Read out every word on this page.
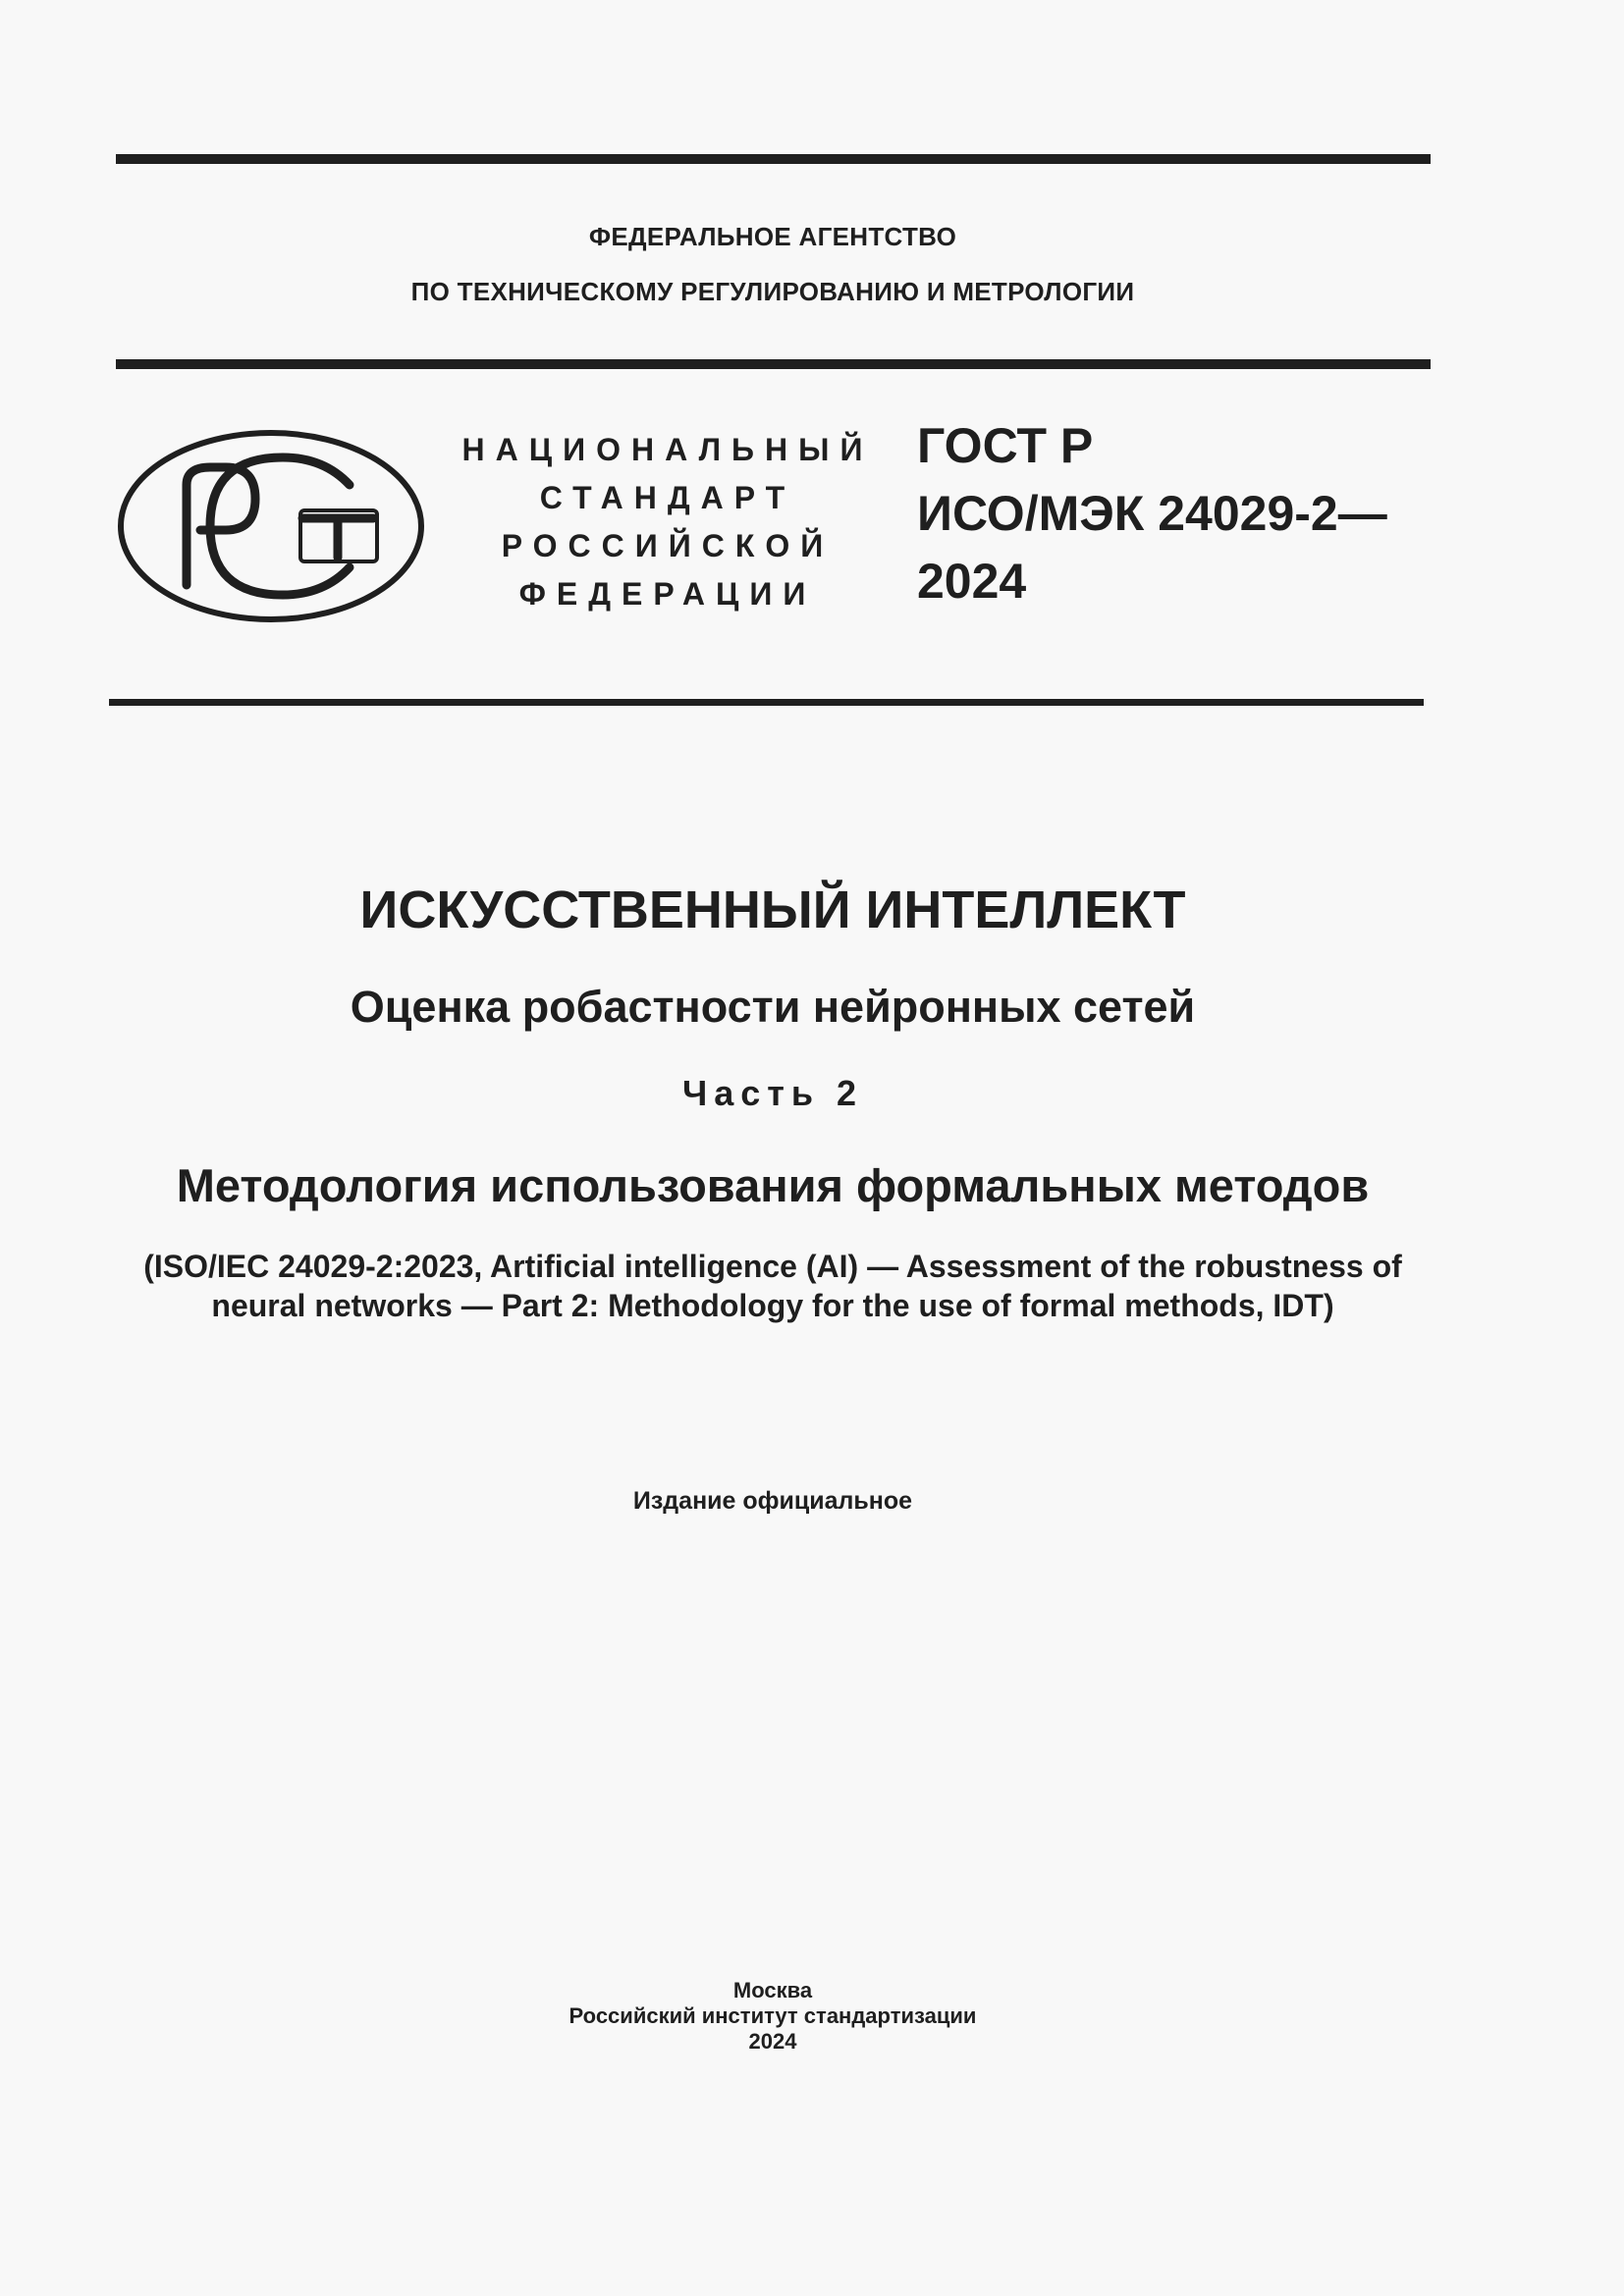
ФЕДЕРАЛЬНОЕ АГЕНТСТВО
ПО ТЕХНИЧЕСКОМУ РЕГУЛИРОВАНИЮ И МЕТРОЛОГИИ
НАЦИОНАЛЬНЫЙ
СТАНДАРТ
РОССИЙСКОЙ
ФЕДЕРАЦИИ
ГОСТ Р
ИСО/МЭК 24029-2—
2024
ИСКУССТВЕННЫЙ ИНТЕЛЛЕКТ
Оценка робастности нейронных сетей
Часть 2
Методология использования формальных методов
(ISO/IEC 24029-2:2023, Artificial intelligence (AI) — Assessment of the robustness of
neural networks — Part 2: Methodology for the use of formal methods, IDT)
Издание официальное
Москва
Российский институт стандартизации
2024
